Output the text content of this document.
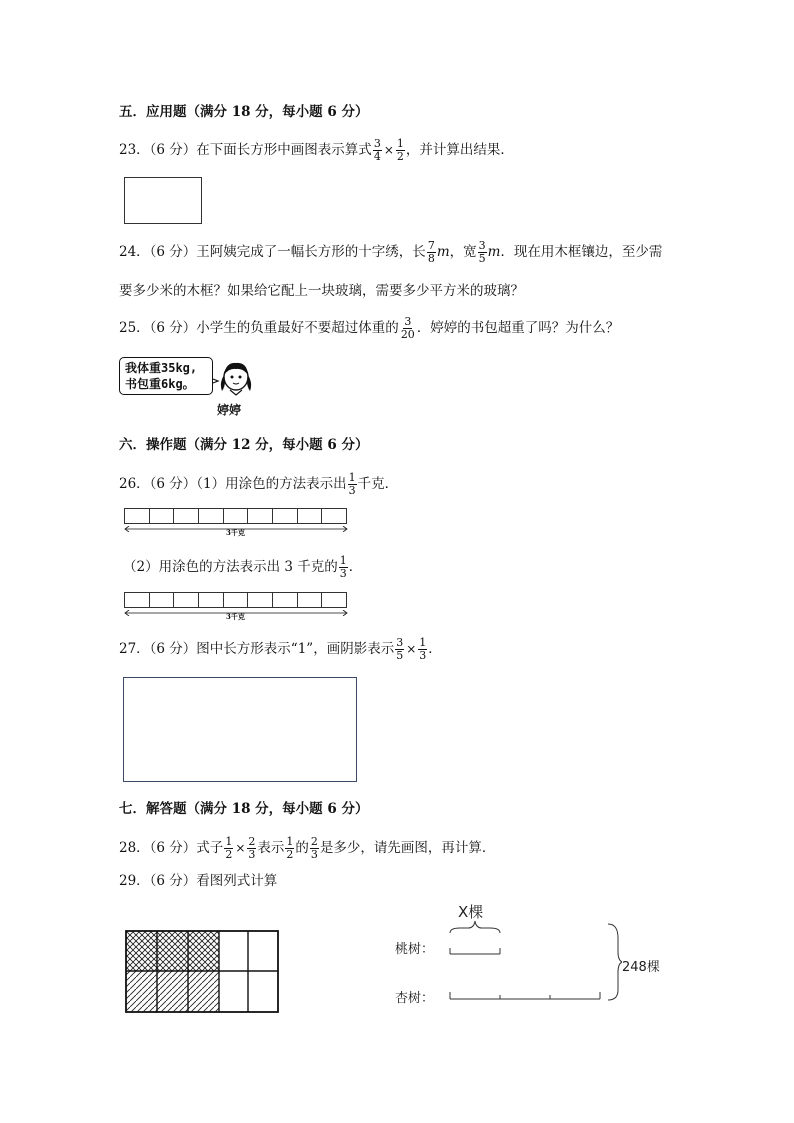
五．应用题（满分 18 分，每小题 6 分）
23．（6 分）在下面长方形中画图表示算式 $\frac{3}{4} \times \frac{1}{2}$ ，并计算出结果．
24．（6 分）王阿姨完成了一幅长方形的十字绣，长 $\frac{7}{8}$ m，宽 $\frac{3}{5}$ m．现在用木框镶边，至少需
要多少米的木框？如果给它配上一块玻璃，需要多少平方米的玻璃？
25．（6 分）小学生的负重最好不要超过体重的 $\frac{3}{20}$ ．婷婷的书包超重了吗？为什么？
我体重35kg,
书包重6kg。
婷婷
六．操作题（满分 12 分，每小题 6 分）
26．（6 分）（1）用涂色的方法表示出 $\frac{1}{3}$ 千克．
3千克
（2）用涂色的方法表示出 3 千克的 $\frac{1}{3}$ ．
3千克
27．（6 分）图中长方形表示“1”，画阴影表示 $\frac{3}{5} \times \frac{1}{3}$ ．
七．解答题（满分 18 分，每小题 6 分）
28．（6 分）式子 $\frac{1}{2} \times \frac{2}{3}$ 表示 $\frac{1}{2}$ 的 $\frac{2}{3}$ 是多少，请先画图，再计算．
29．（6 分）看图列式计算
X棵
桃树：
杏树：
248棵
